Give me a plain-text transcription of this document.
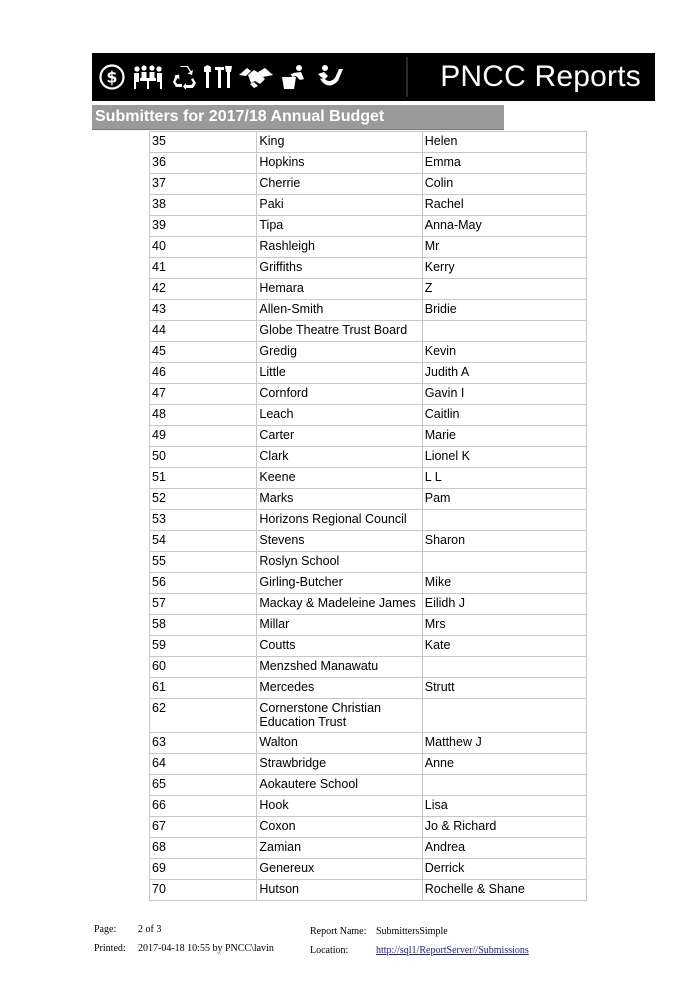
$	PNCC Reports
Submitters for 2017/18 Annual Budget
35	King	Helen
36	Hopkins	Emma
37	Cherrie	Colin
38	Paki	Rachel
39	Tipa	Anna-May
40	Rashleigh	Mr
41	Griffiths	Kerry
42	Hemara	Z
43	Allen-Smith	Bridie
44	Globe Theatre Trust Board	
45	Gredig	Kevin
46	Little	Judith A
47	Cornford	Gavin I
48	Leach	Caitlin
49	Carter	Marie
50	Clark	Lionel K
51	Keene	L L
52	Marks	Pam
53	Horizons Regional Council	
54	Stevens	Sharon
55	Roslyn School	
56	Girling-Butcher	Mike
57	Mackay & Madeleine James	Eilidh J
58	Millar	Mrs
59	Coutts	Kate
60	Menzshed Manawatu	
61	Mercedes	Strutt
62	Cornerstone Christian
Education Trust	
63	Walton	Matthew J
64	Strawbridge	Anne
65	Aokautere School	
66	Hook	Lisa
67	Coxon	Jo & Richard
68	Zamian	Andrea
69	Genereux	Derrick
70	Hutson	Rochelle & Shane
Page: 2 of 3
Printed: 2017-04-18 10:55 by PNCC\lavin
Report Name: SubmittersSimple
Location:	http://sql1/ReportServer//Submissions
